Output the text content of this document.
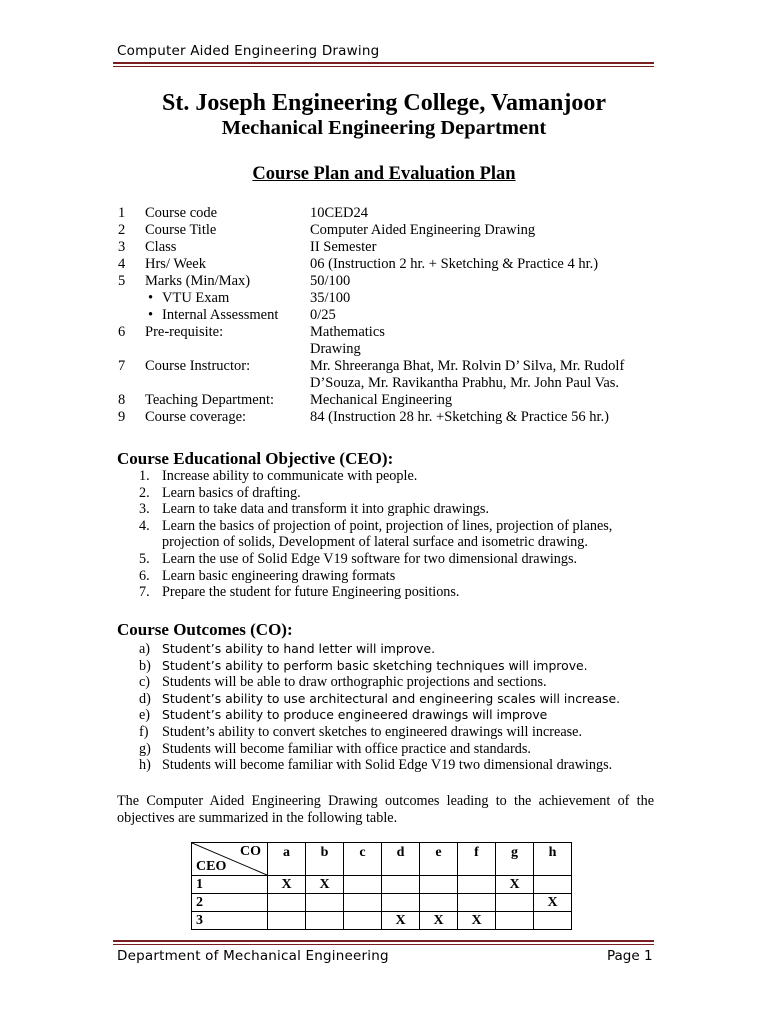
Computer Aided Engineering Drawing
St. Joseph Engineering College, Vamanjoor
Mechanical Engineering Department
Course Plan and Evaluation Plan
1 Course code	10CED24
2 Course Title	Computer Aided Engineering Drawing
3 Class	II Semester
4 Hrs/ Week	06 (Instruction 2 hr. + Sketching & Practice 4 hr.)
5 Marks (Min/Max)	50/100
• VTU Exam	35/100
• Internal Assessment 0/25
6 Pre-requisite:	Mathematics
Drawing
7 Course Instructor:	Mr. Shreeranga Bhat, Mr. Rolvin D’ Silva, Mr. Rudolf
D’Souza, Mr. Ravikantha Prabhu, Mr. John Paul Vas.
8 Teaching Department: Mechanical Engineering
9 Course coverage:	84 (Instruction 28 hr. +Sketching & Practice 56 hr.)
Course Educational Objective (CEO):
1. Increase ability to communicate with people.
2. Learn basics of drafting.
3. Learn to take data and transform it into graphic drawings.
4. Learn the basics of projection of point, projection of lines, projection of planes,
projection of solids, Development of lateral surface and isometric drawing.
5. Learn the use of Solid Edge V19 software for two dimensional drawings.
6. Learn basic engineering drawing formats
7. Prepare the student for future Engineering positions.
Course Outcomes (CO):
a) Student’s ability to hand letter will improve.
b) Student’s ability to perform basic sketching techniques will improve.
c) Students will be able to draw orthographic projections and sections.
d) Student’s ability to use architectural and engineering scales will increase.
e) Student’s ability to produce engineered drawings will improve
f) Student’s ability to convert sketches to engineered drawings will increase.
g) Students will become familiar with office practice and standards.
h) Students will become familiar with Solid Edge V19 two dimensional drawings.
The Computer Aided Engineering Drawing outcomes leading to the achievement of the objectives are summarized in the following table.
CO
CEO	a	b	c	d	e	f	g	h
1	X	X					X	
2								X
3				X	X	X		
Department of Mechanical Engineering	Page 1
